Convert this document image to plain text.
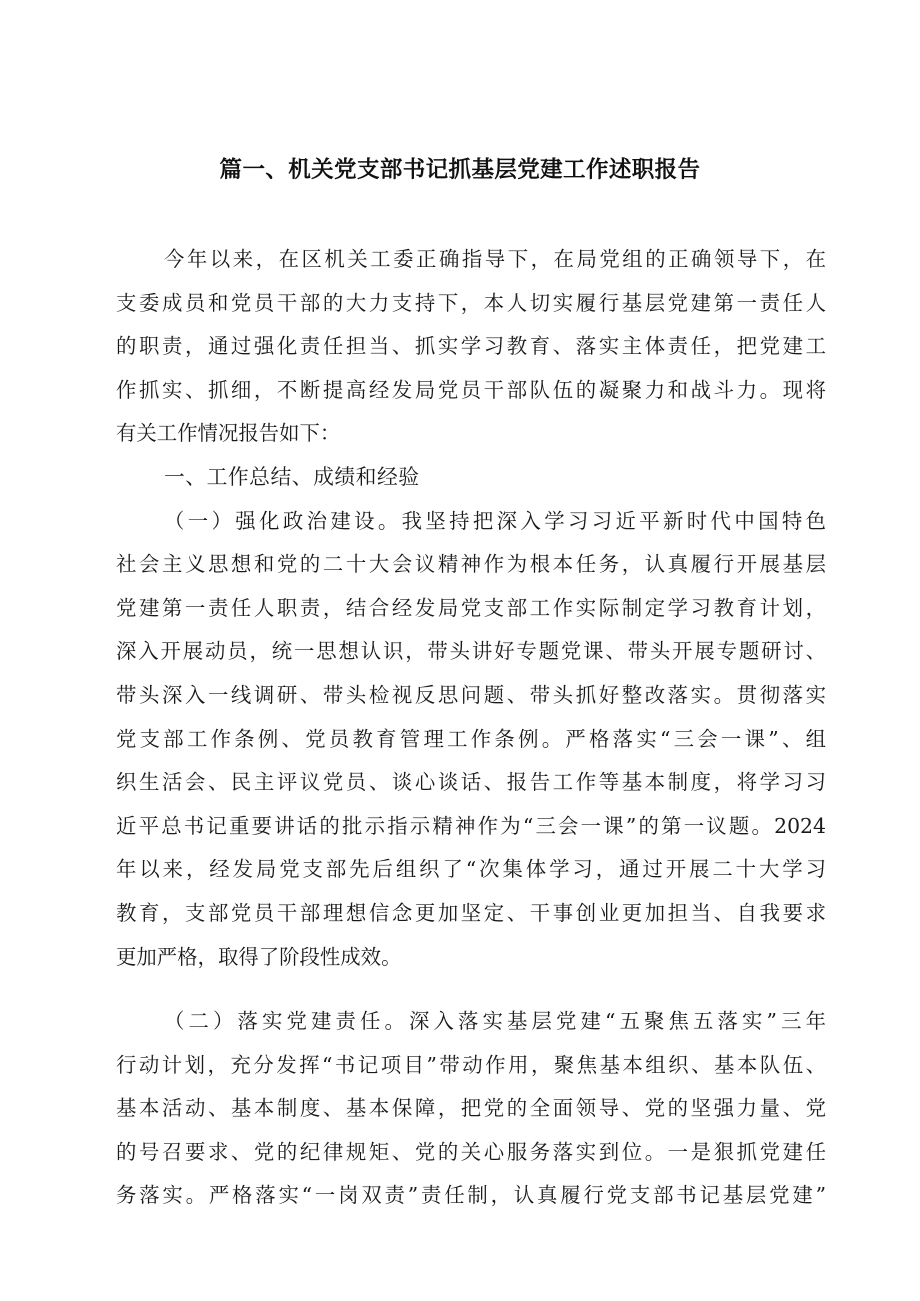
篇一、机关党支部书记抓基层党建工作述职报告
今年以来，在区机关工委正确指导下，在局党组的正确领导下，在
支委成员和党员干部的大力支持下，本人切实履行基层党建第一责任人
的职责，通过强化责任担当、抓实学习教育、落实主体责任，把党建工
作抓实、抓细，不断提高经发局党员干部队伍的凝聚力和战斗力。现将
有关工作情况报告如下：
一、工作总结、成绩和经验
（一）强化政治建设。我坚持把深入学习习近平新时代中国特色
社会主义思想和党的二十大会议精神作为根本任务，认真履行开展基层
党建第一责任人职责，结合经发局党支部工作实际制定学习教育计划，
深入开展动员，统一思想认识，带头讲好专题党课、带头开展专题研讨、
带头深入一线调研、带头检视反思问题、带头抓好整改落实。贯彻落实
党支部工作条例、党员教育管理工作条例。严格落实“三会一课”、组
织生活会、民主评议党员、谈心谈话、报告工作等基本制度，将学习习
近平总书记重要讲话的批示指示精神作为“三会一课”的第一议题。2024
年以来，经发局党支部先后组织了“次集体学习，通过开展二十大学习
教育，支部党员干部理想信念更加坚定、干事创业更加担当、自我要求
更加严格，取得了阶段性成效。
（二）落实党建责任。深入落实基层党建“五聚焦五落实”三年
行动计划，充分发挥“书记项目”带动作用，聚焦基本组织、基本队伍、
基本活动、基本制度、基本保障，把党的全面领导、党的坚强力量、党
的号召要求、党的纪律规矩、党的关心服务落实到位。一是狠抓党建任
务落实。严格落实“一岗双责”责任制，认真履行党支部书记基层党建”
